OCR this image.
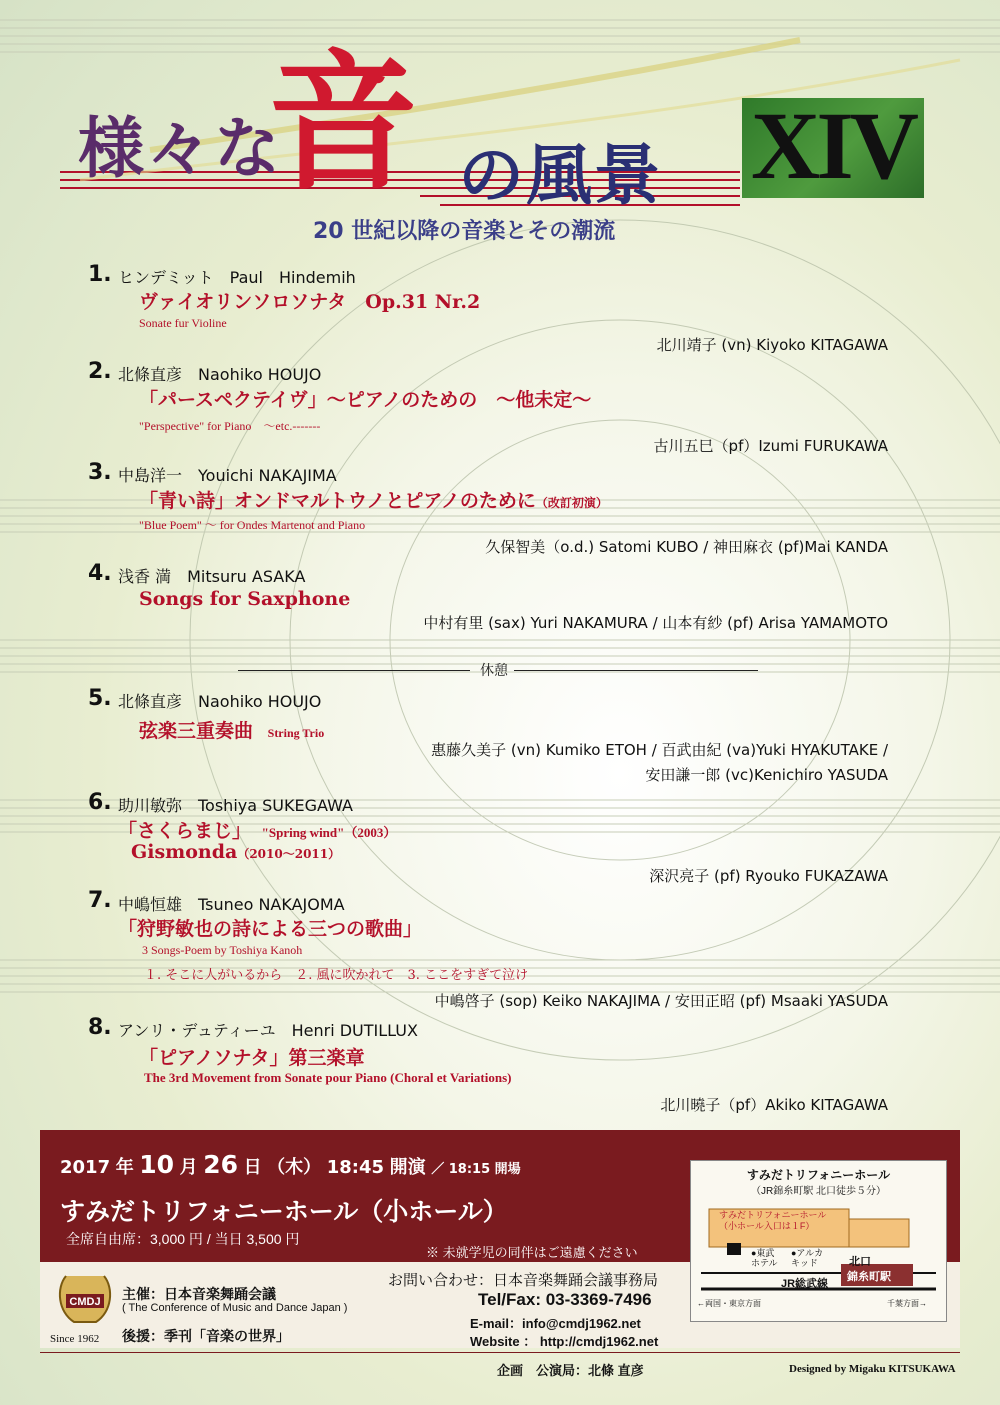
様々な
音 の風景 XIV
20 世紀以降の音楽とその潮流
1. ヒンデミット　Paul　Hindemih
ヴァイオリンソロソナタ　Op.31 Nr.2
Sonate fur Violine
北川靖子 (vn) Kiyoko KITAGAWA
2. 北條直彦　Naohiko HOUJO
「パースペクテイヴ」〜ピアノのための　〜他未定〜
"Perspective" for Piano　〜etc.-------
古川五巳（pf）Izumi FURUKAWA
3. 中島洋一　Youichi NAKAJIMA
「青い詩」オンドマルトウノとピアノのために（改訂初演）
"Blue Poem" 〜 for Ondes Martenot and Piano
久保智美（o.d.) Satomi KUBO / 神田麻衣 (pf)Mai KANDA
4. 浅香 満　Mitsuru ASAKA
Songs for Saxphone
中村有里 (sax) Yuri NAKAMURA / 山本有紗 (pf) Arisa YAMAMOTO
休憩
5. 北條直彦　Naohiko HOUJO
弦楽三重奏曲 String Trio
惠藤久美子 (vn) Kumiko ETOH / 百武由紀 (va)Yuki HYAKUTAKE /
安田謙一郎 (vc)Kenichiro YASUDA
6. 助川敏弥　Toshiya SUKEGAWA
「さくらまじ」 "Spring wind"（2003）
Gismonda（2010〜2011）
深沢亮子 (pf) Ryouko FUKAZAWA
7. 中嶋恒雄　Tsuneo NAKAJOMA
「狩野敏也の詩による三つの歌曲」
3 Songs-Poem by Toshiya Kanoh
１. そこに人がいるから　２. 風に吹かれて　3. ここをすぎて泣け
中嶋啓子 (sop) Keiko NAKAJIMA / 安田正昭 (pf) Msaaki YASUDA
8. アンリ・デュティーユ　Henri DUTILLUX
「ピアノソナタ」第三楽章
The 3rd Movement from Sonate pour Piano (Choral et Variations)
北川曉子（pf）Akiko KITAGAWA
2017 年 10 月 26 日 （木） 18:45 開演 ／ 18:15 開場
すみだトリフォニーホール（小ホール）
全席自由席：3,000 円 / 当日 3,500 円
※ 未就学児の同伴はご遠慮ください
すみだトリフォニーホール
（JR錦糸町駅 北口徒歩５分）
すみだトリフォニーホール
（小ホール入口は１F）
●東武
ホテル
●アルカ
キッド	北口
錦糸町駅
JR総武線
←両国・東京方面	千葉方面→
CMDJ
Since 1962
主催：日本音楽舞踊会議
( The Conference of Music and Dance Japan )
後援：季刊「音楽の世界」
お問い合わせ：日本音楽舞踊会議事務局
Tel/Fax: 03-3369-7496
E-mail：info@cmdj1962.net
Website ： http://cmdj1962.net
企画　公演局：北條 直彦	Designed by Migaku KITSUKAWA
